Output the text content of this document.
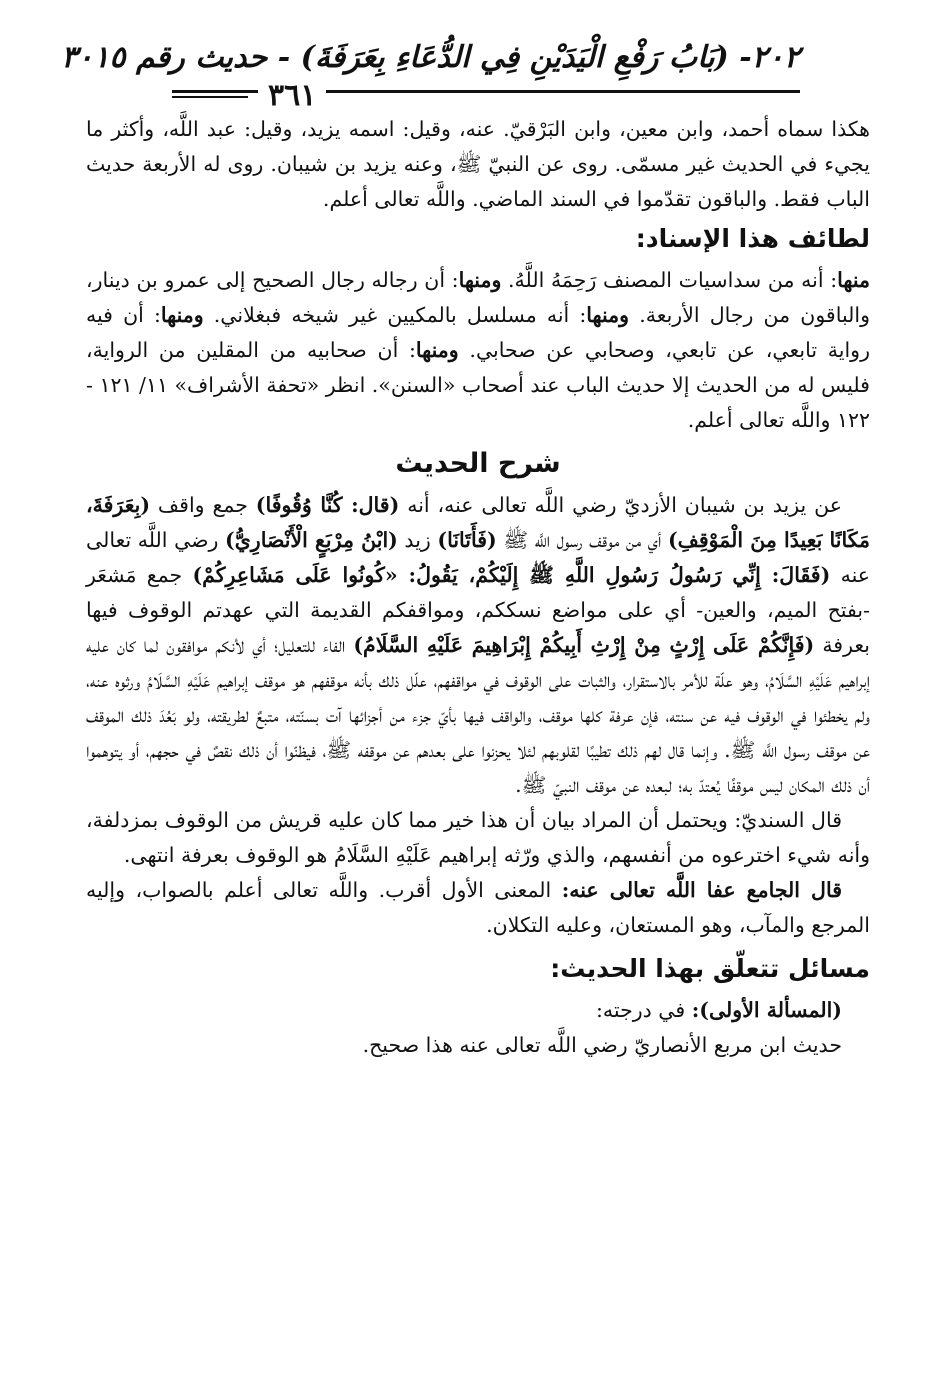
٢٠٢- (بَابُ رَفْعِ الْيَدَيْنِ فِي الدُّعَاءِ بِعَرَفَةَ) - حديث رقم ٣٠١٥
٣٦١

هكذا سماه أحمد، وابن معين، وابن البَرْقيّ. عنه، وقيل: اسمه يزيد، وقيل: عبد اللَّه، وأكثر ما يجيء في الحديث غير مسمّى. روى عن النبيّ ﷺ، وعنه يزيد بن شيبان. روى له الأربعة حديث الباب فقط. والباقون تقدّموا في السند الماضي. واللَّه تعالى أعلم.

لطائف هذا الإسناد:

منها: أنه من سداسيات المصنف رَحِمَهُ اللَّهُ. ومنها: أن رجاله رجال الصحيح إلى عمرو بن دينار، والباقون من رجال الأربعة. ومنها: أنه مسلسل بالمكيين غير شيخه فبغلاني. ومنها: أن فيه رواية تابعي، عن تابعي، وصحابي عن صحابي. ومنها: أن صحابيه من المقلين من الرواية، فليس له من الحديث إلا حديث الباب عند أصحاب «السنن». انظر «تحفة الأشراف» ١١/ ١٢١ - ١٢٢ واللَّه تعالى أعلم.

شرح الحديث

عن يزيد بن شيبان الأزديّ رضي اللَّه تعالى عنه، أنه (قال: كُنَّا وُقُوفًا) جمع واقف (بِعَرَفَةَ، مَكَانًا بَعِيدًا مِنَ الْمَوْقِفِ) أي من موقف رسول اللَّه ﷺ (فَأَتَانَا) زيد (ابْنُ مِرْبَعٍ الْأَنْصَارِيُّ) رضي اللَّه تعالى عنه (فَقَالَ: إِنِّي رَسُولُ رَسُولِ اللَّهِ ﷺ إِلَيْكُمْ، يَقُولُ: «كُونُوا عَلَى مَشَاعِرِكُمْ) جمع مَشعَر -بفتح الميم، والعين- أي على مواضع نسككم، ومواقفكم القديمة التي عهدتم الوقوف فيها بعرفة (فَإِنَّكُمْ عَلَى إِرْثٍ مِنْ إِرْثِ أَبِيكُمْ إِبْرَاهِيمَ عَلَيْهِ السَّلَامُ) الفاء للتعليل؛ أي لأنكم موافقون لما كان عليه إبراهيم عَلَيْهِ السَّلَامُ، وهو علّة للأمر بالاستقرار، والثبات على الوقوف في مواقفهم، علّل ذلك بأنه موقفهم هو موقف إبراهيم عَلَيْهِ السَّلَامُ ورثوه عنه، ولم يخطئوا في الوقوف فيه عن سنته، فإن عرفة كلها موقف، والواقف فيها بأيّ جزء من أجزائها آت بسنّته، متبعٌ لطريقته، ولو بَعُدَ ذلك الموقف عن موقف رسول اللَّه ﷺ. وإنما قال لهم ذلك تطيبًا لقلوبهم لئلا يحزنوا على بعدهم عن موقفه ﷺ، فيظنّوا أن ذلك نقصٌ في حجهم، أو يتوهموا أن ذلك المكان ليس موقفًا يُعتدّ به؛ لبعده عن موقف النبيّ ﷺ.

قال السنديّ: ويحتمل أن المراد بيان أن هذا خير مما كان عليه قريش من الوقوف بمزدلفة، وأنه شيء اخترعوه من أنفسهم، والذي ورّثه إبراهيم عَلَيْهِ السَّلَامُ هو الوقوف بعرفة انتهى.

قال الجامع عفا اللَّه تعالى عنه: المعنى الأول أقرب. واللَّه تعالى أعلم بالصواب، وإليه المرجع والمآب، وهو المستعان، وعليه التكلان.

مسائل تتعلّق بهذا الحديث:

(المسألة الأولى): في درجته:

حديث ابن مربع الأنصاريّ رضي اللَّه تعالى عنه هذا صحيح.
